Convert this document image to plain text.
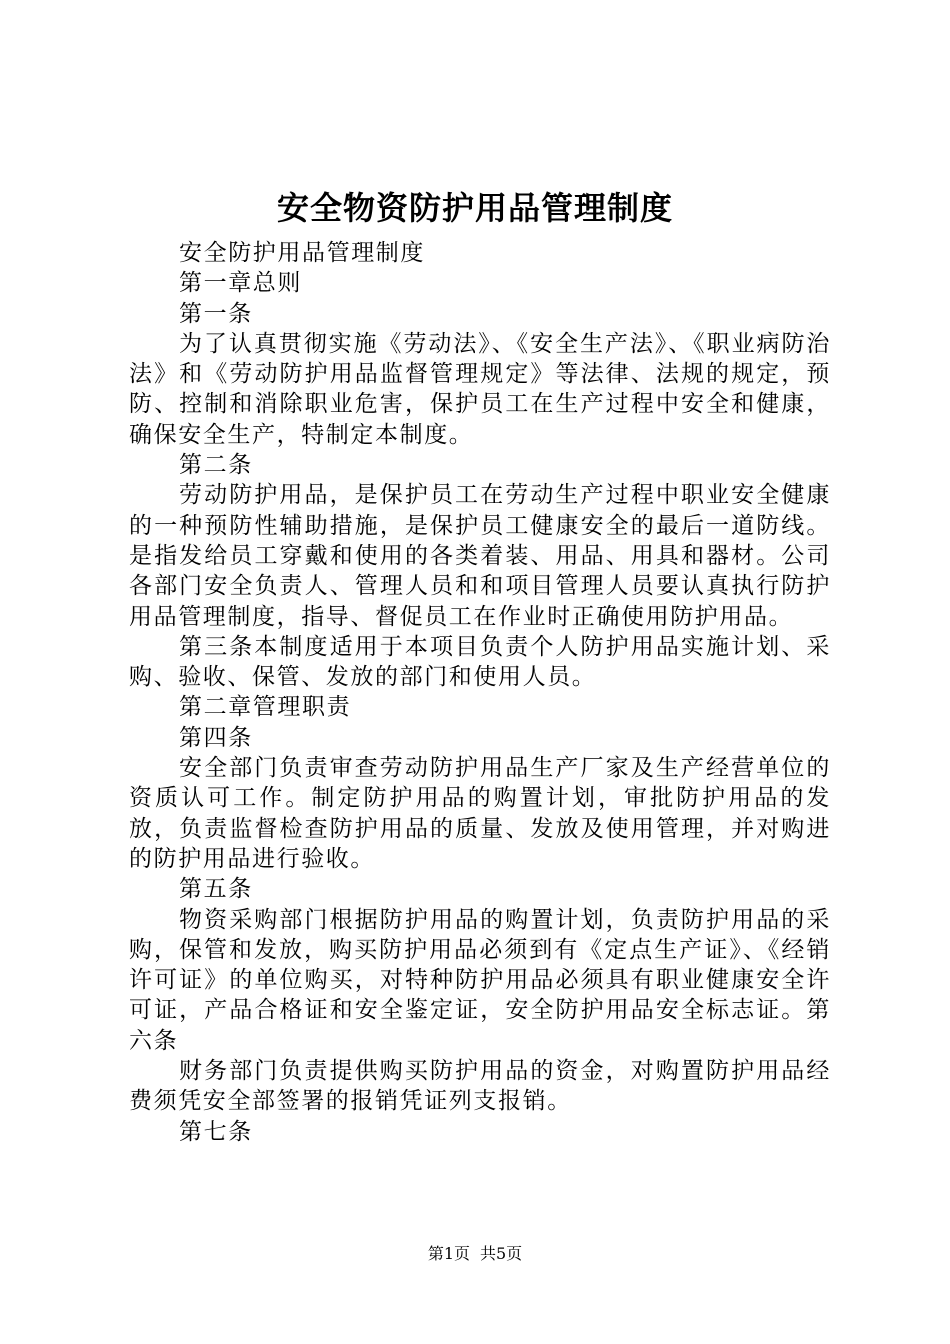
安全物资防护用品管理制度

安全防护用品管理制度

第一章总则

第一条

为了认真贯彻实施《劳动法》、《安全生产法》、《职业病防治法》和《劳动防护用品监督管理规定》等法律、法规的规定，预防、控制和消除职业危害，保护员工在生产过程中安全和健康，确保安全生产，特制定本制度。

第二条

劳动防护用品，是保护员工在劳动生产过程中职业安全健康的一种预防性辅助措施，是保护员工健康安全的最后一道防线。是指发给员工穿戴和使用的各类着装、用品、用具和器材。公司各部门安全负责人、管理人员和和项目管理人员要认真执行防护用品管理制度，指导、督促员工在作业时正确使用防护用品。

第三条本制度适用于本项目负责个人防护用品实施计划、采购、验收、保管、发放的部门和使用人员。

第二章管理职责

第四条

安全部门负责审查劳动防护用品生产厂家及生产经营单位的资质认可工作。制定防护用品的购置计划，审批防护用品的发放，负责监督检查防护用品的质量、发放及使用管理，并对购进的防护用品进行验收。

第五条

物资采购部门根据防护用品的购置计划，负责防护用品的采购，保管和发放，购买防护用品必须到有《定点生产证》、《经销许可证》的单位购买，对特种防护用品必须具有职业健康安全许可证，产品合格证和安全鉴定证，安全防护用品安全标志证。第六条

财务部门负责提供购买防护用品的资金，对购置防护用品经费须凭安全部签署的报销凭证列支报销。

第七条

第1页 共5页
